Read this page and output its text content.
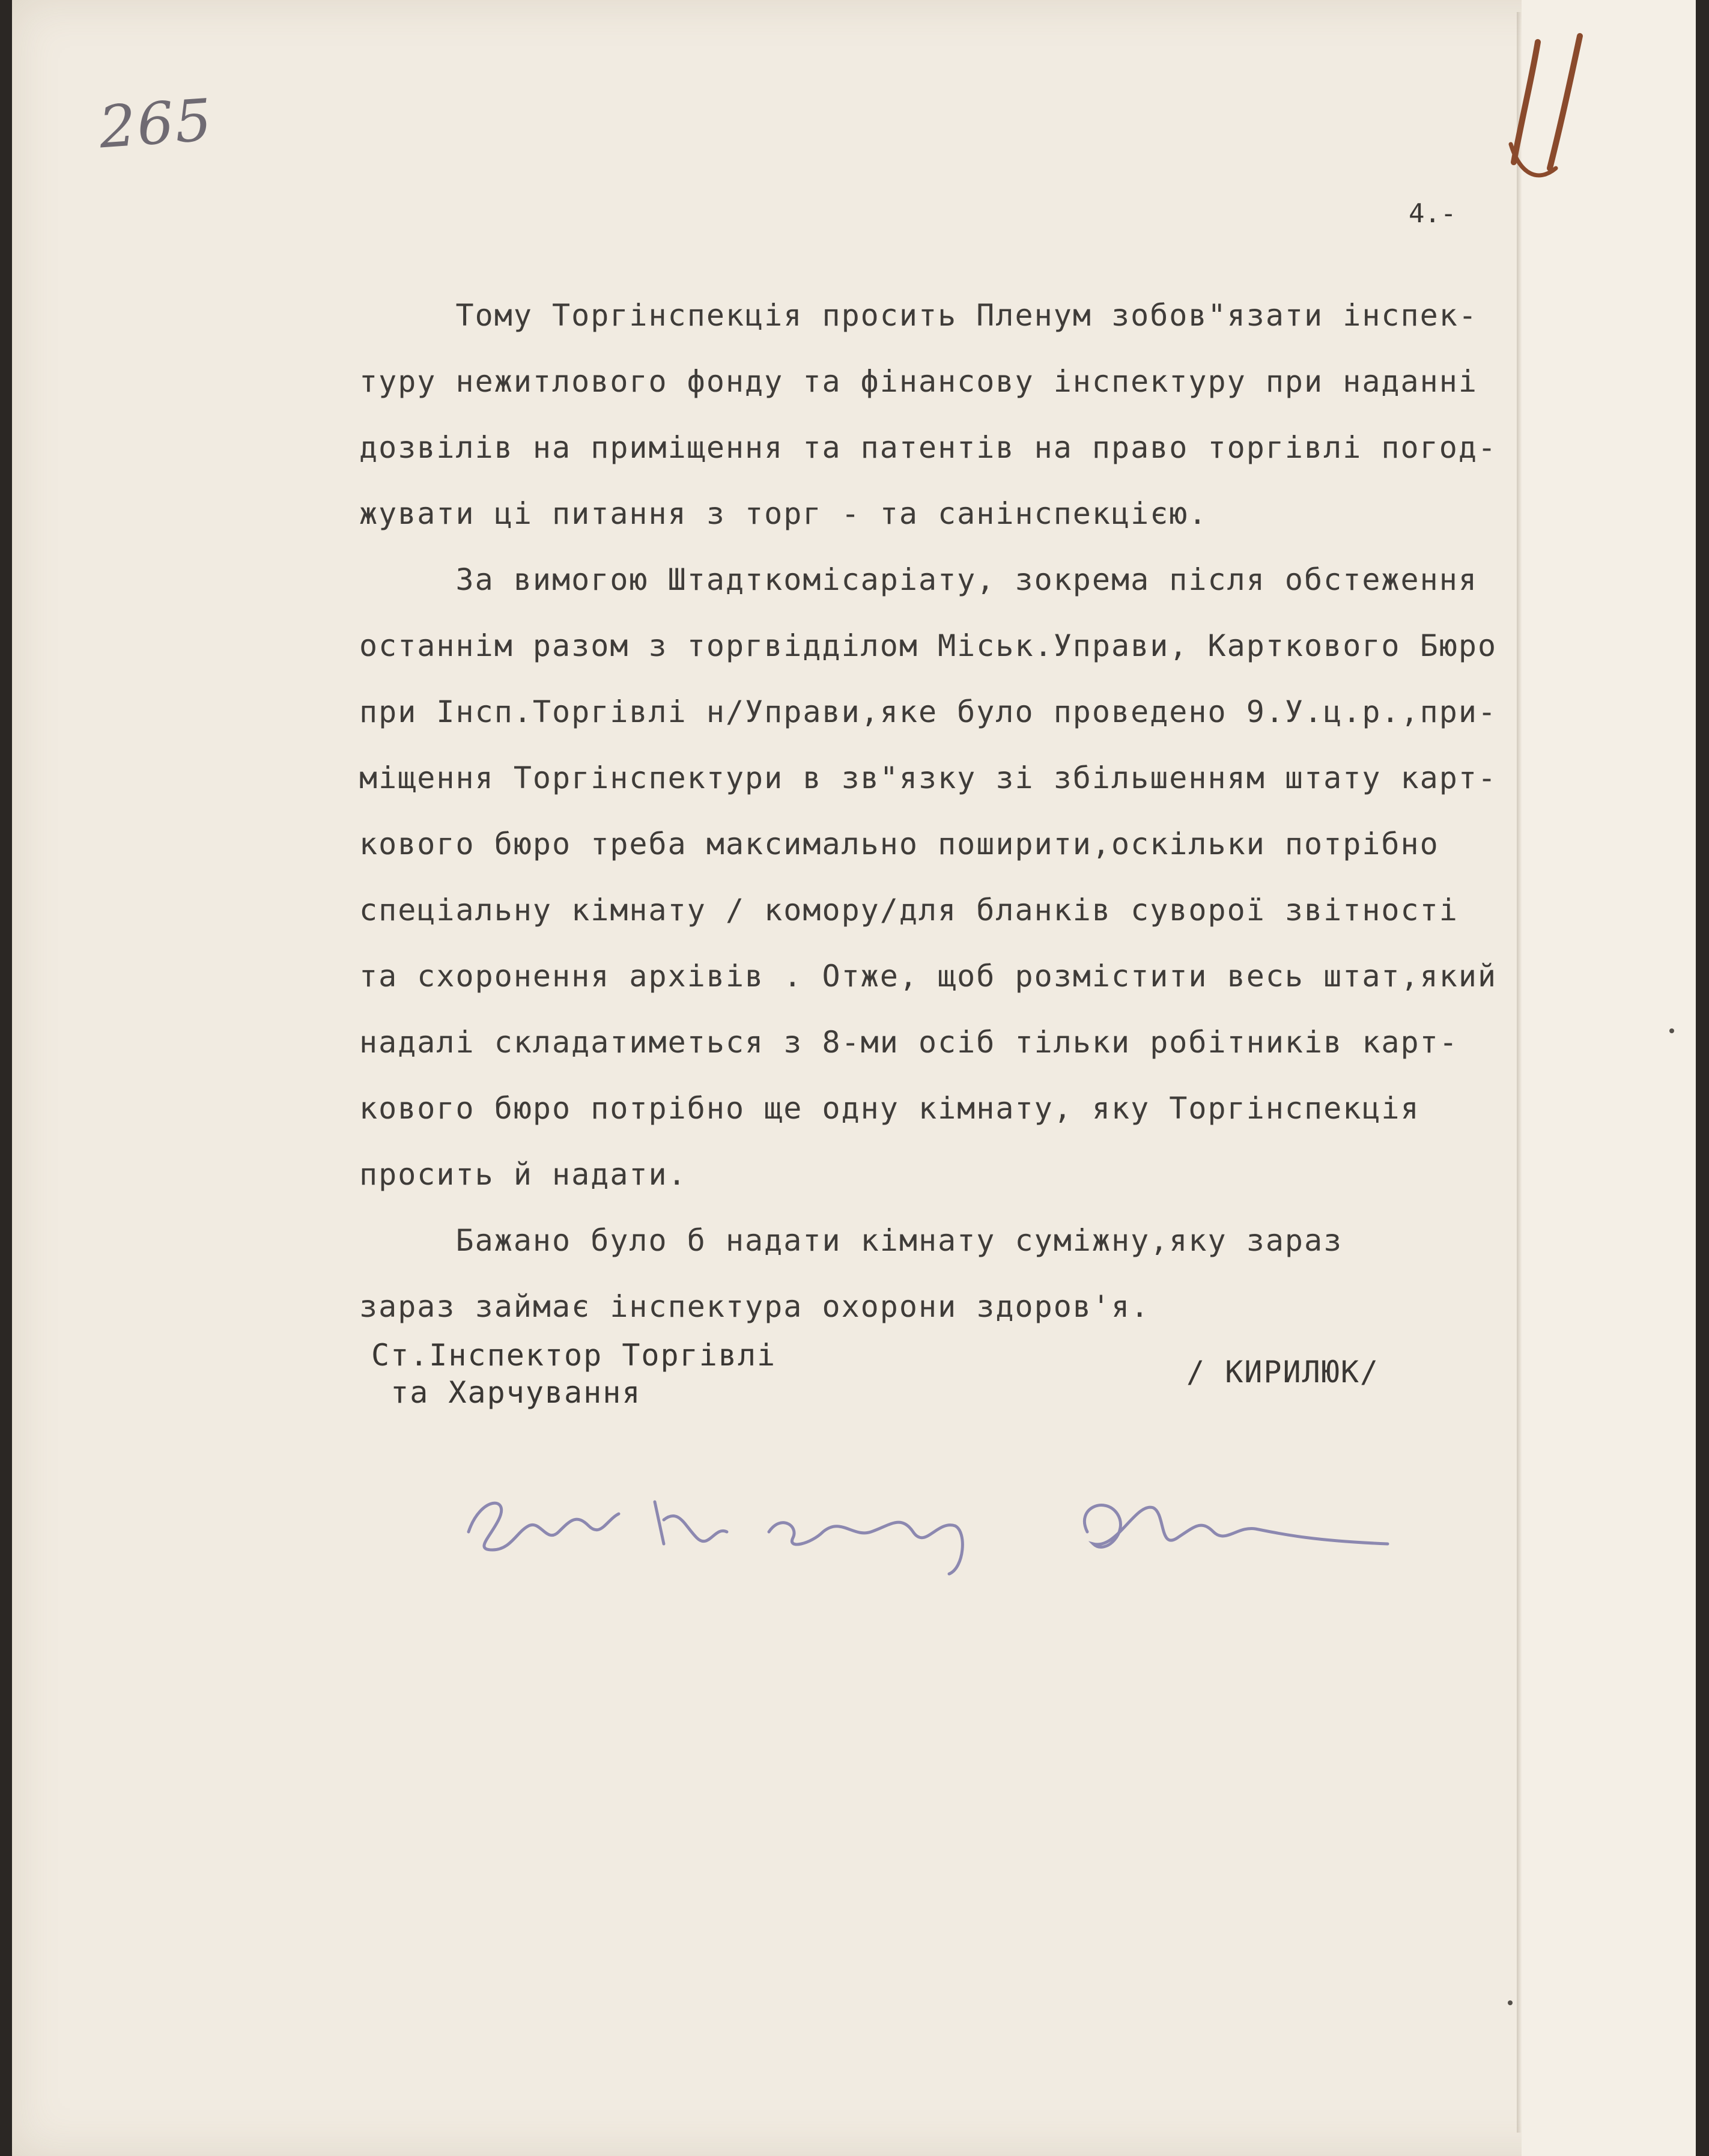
265
4.-

Тому Торгінспекція просить Пленум зобов"язати інспек-

туру нежитлового фонду та фінансову інспектуру при наданні

дозвілів на приміщення та патентів на право торгівлі погод-

жувати ці питання з торг - та санінспекцією.

За вимогою Штадткомісаріату, зокрема після обстеження

останнім разом з торгвідділом Міськ.Управи, Карткового Бюро

при Інсп.Торгівлі н/Управи,яке було проведено 9.У.ц.р.,при-

міщення Торгінспектури в зв"язку зі збільшенням штату карт-

кового бюро треба максимально поширити,оскільки потрібно

спеціальну кімнату / комору/для бланків суворої звітності

та схоронення архівів . Отже, щоб розмістити весь штат,який

надалі складатиметься з 8-ми осіб тільки робітників карт-

кового бюро потрібно ще одну кімнату, яку Торгінспекція

просить й надати.

Бажано було б надати кімнату суміжну,яку зараз

зараз займає інспектура охорони здоров'я.

Ст.Інспектор Торгівлі
та Харчування
/ КИРИЛЮК/
